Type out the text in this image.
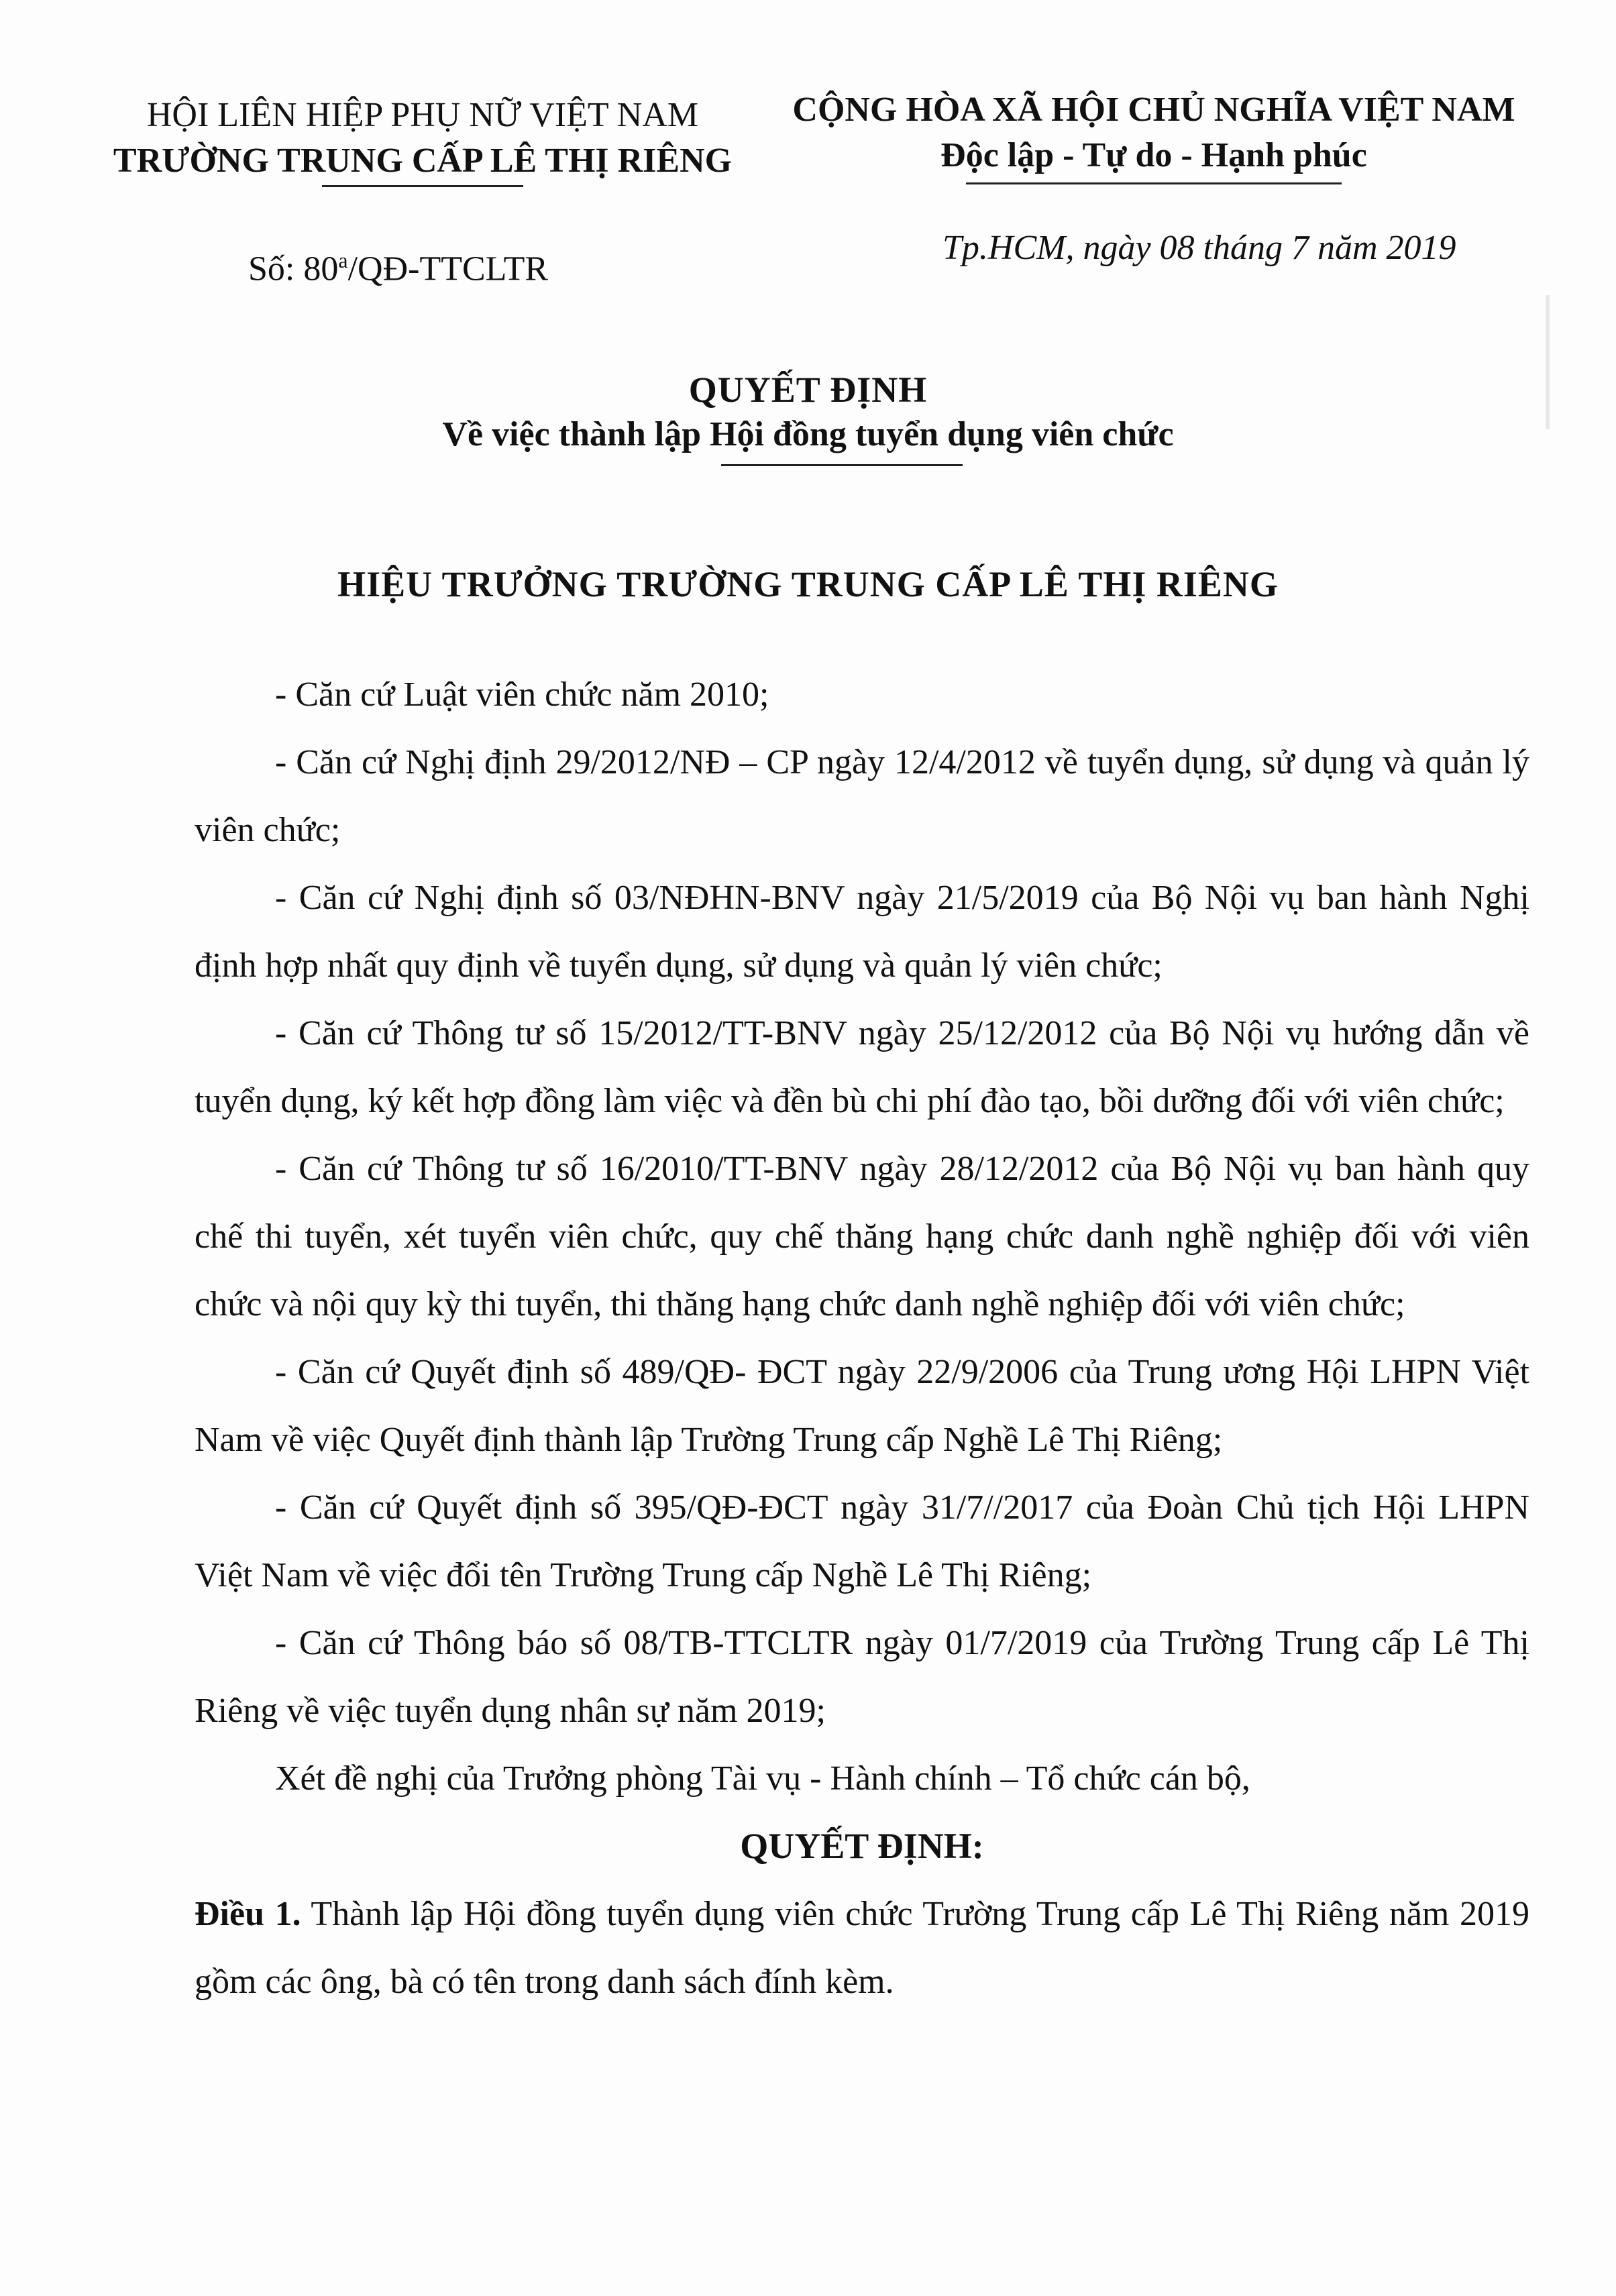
HỘI LIÊN HIỆP PHỤ NỮ VIỆT NAM
TRƯỜNG TRUNG CẤP LÊ THỊ RIÊNG
Số: 80$^a$/QĐ-TTCLTR
CỘNG HÒA XÃ HỘI CHỦ NGHĨA VIỆT NAM
Độc lập - Tự do - Hạnh phúc
Tp.HCM, ngày 08 tháng 7 năm 2019
QUYẾT ĐỊNH
Về việc thành lập Hội đồng tuyển dụng viên chức
HIỆU TRƯỞNG TRƯỜNG TRUNG CẤP LÊ THỊ RIÊNG

- Căn cứ Luật viên chức năm 2010;

- Căn cứ Nghị định 29/2012/NĐ – CP ngày 12/4/2012 về tuyển dụng, sử dụng và quản lý viên chức;

- Căn cứ Nghị định số 03/NĐHN-BNV ngày 21/5/2019 của Bộ Nội vụ ban hành Nghị định hợp nhất quy định về tuyển dụng, sử dụng và quản lý viên chức;

- Căn cứ Thông tư số 15/2012/TT-BNV ngày 25/12/2012 của Bộ Nội vụ hướng dẫn về tuyển dụng, ký kết hợp đồng làm việc và đền bù chi phí đào tạo, bồi dưỡng đối với viên chức;

- Căn cứ Thông tư số 16/2010/TT-BNV ngày 28/12/2012 của Bộ Nội vụ ban hành quy chế thi tuyển, xét tuyển viên chức, quy chế thăng hạng chức danh nghề nghiệp đối với viên chức và nội quy kỳ thi tuyển, thi thăng hạng chức danh nghề nghiệp đối với viên chức;

- Căn cứ Quyết định số 489/QĐ- ĐCT ngày 22/9/2006 của Trung ương Hội LHPN Việt Nam về việc Quyết định thành lập Trường Trung cấp Nghề Lê Thị Riêng;

- Căn cứ Quyết định số 395/QĐ-ĐCT ngày 31/7//2017 của Đoàn Chủ tịch Hội LHPN Việt Nam về việc đổi tên Trường Trung cấp Nghề Lê Thị Riêng;

- Căn cứ Thông báo số 08/TB-TTCLTR ngày 01/7/2019 của Trường Trung cấp Lê Thị Riêng về việc tuyển dụng nhân sự năm 2019;

Xét đề nghị của Trưởng phòng Tài vụ - Hành chính – Tổ chức cán bộ,

QUYẾT ĐỊNH:

Điều 1. Thành lập Hội đồng tuyển dụng viên chức Trường Trung cấp Lê Thị Riêng năm 2019 gồm các ông, bà có tên trong danh sách đính kèm.
